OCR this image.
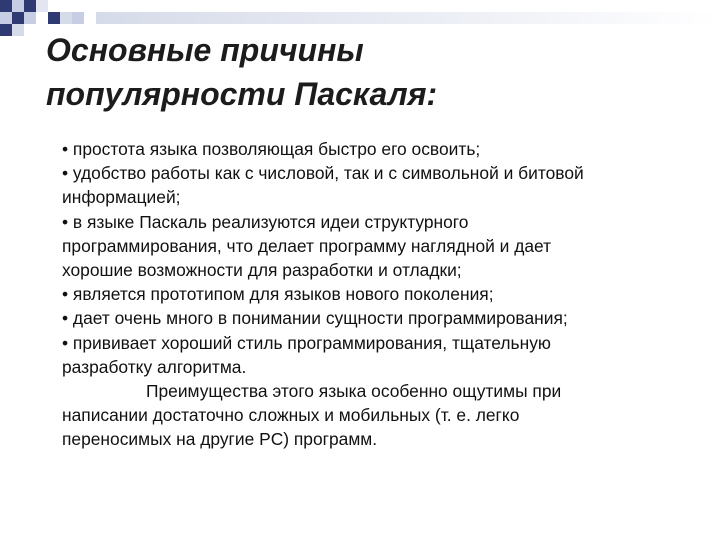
Основные причины
популярности Паскаля:
• простота языка позволяющая быстро его освоить;
• удобство работы как с числовой, так и с символьной и битовой
информацией;
• в языке Паскаль реализуются идеи структурного
программирования, что делает программу наглядной и дает
хорошие возможности для разработки и отладки;
• является прототипом для языков нового поколения;
• дает очень много в понимании сущности программирования;
• прививает хороший стиль программирования, тщательную
разработку алгоритма.
Преимущества этого языка особенно ощутимы при
написании достаточно сложных и мобильных (т. е. легко
переносимых на другие PC) программ.
